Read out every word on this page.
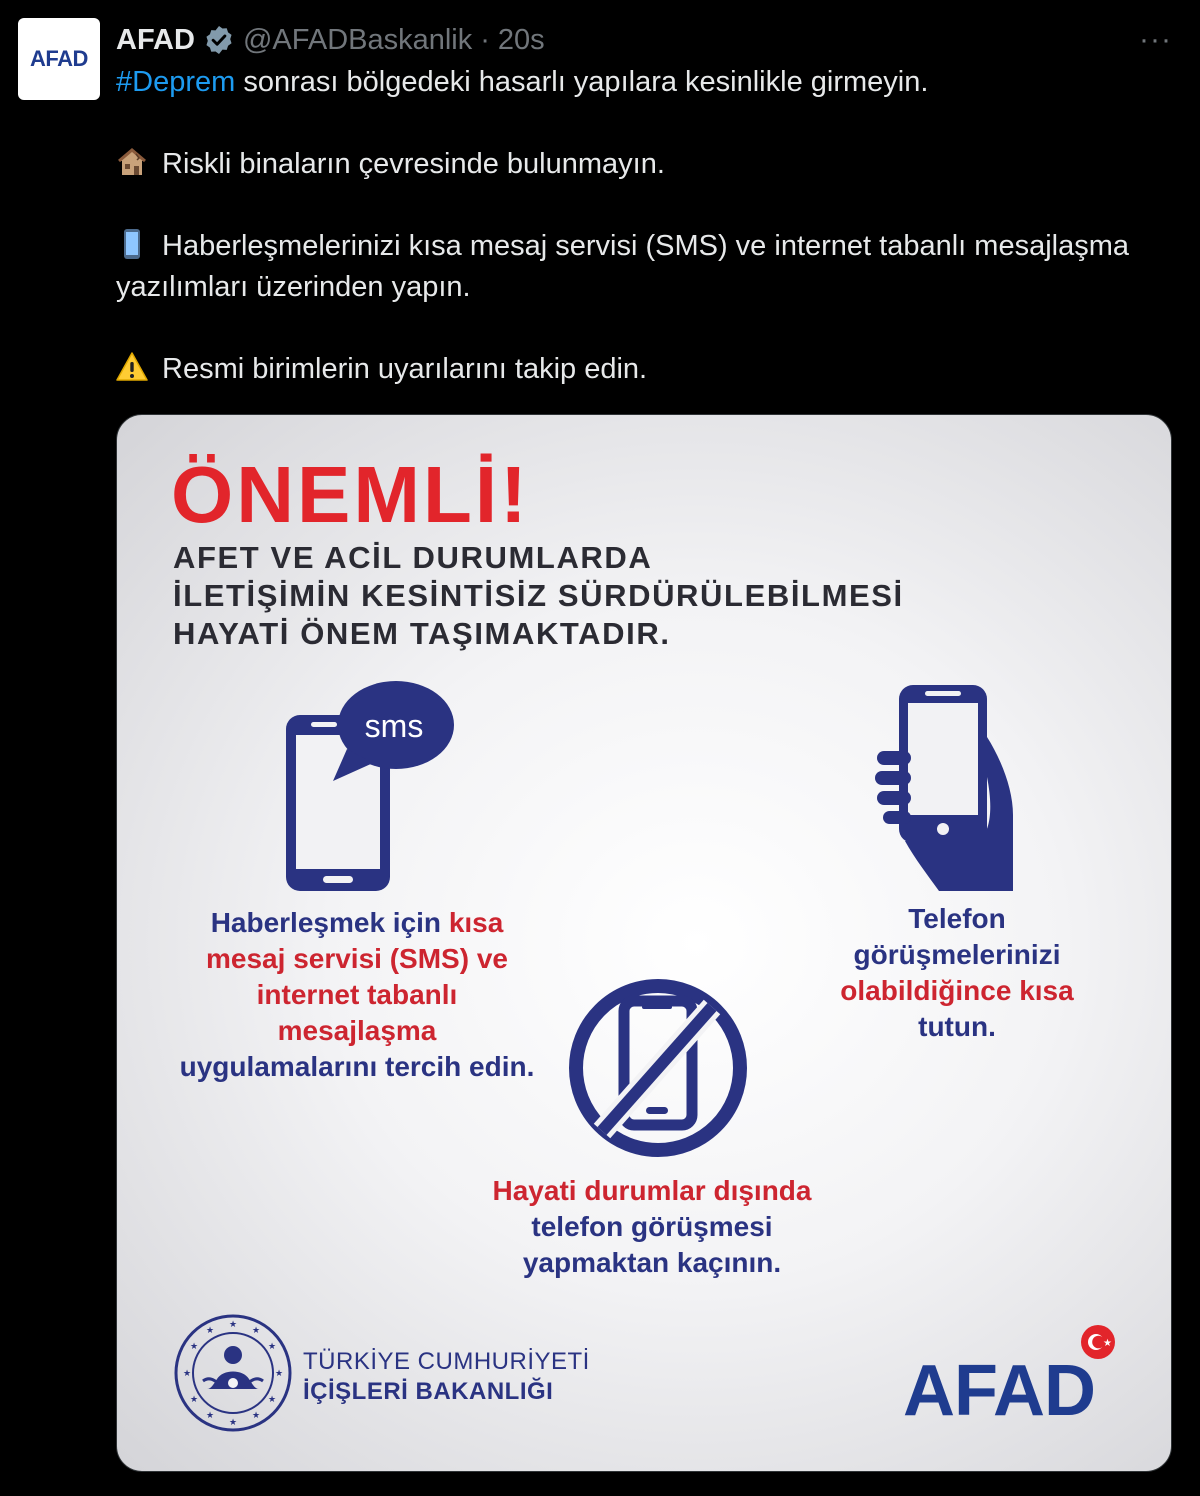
AFAD
AFAD @AFADBaskanlik · 20s	···

#Deprem sonrası bölgedeki hasarlı yapılara kesinlikle girmeyin.

Riskli binaların çevresinde bulunmayın.

Haberleşmelerinizi kısa mesaj servisi (SMS) ve internet tabanlı mesajlaşma yazılımları üzerinden yapın.

Resmi birimlerin uyarılarını takip edin.

ÖNEMLİ!
AFET VE ACİL DURUMLARDA
İLETİŞİMİN KESİNTİSİZ SÜRDÜRÜLEBİLMESİ
HAYATİ ÖNEM TAŞIMAKTADIR.
sms
Haberleşmek için kısa mesaj servisi (SMS) ve internet tabanlı mesajlaşma uygulamalarını tercih edin.
Telefon görüşmelerinizi olabildiğince kısa tutun.
Hayati durumlar dışında telefon görüşmesi yapmaktan kaçının.
★
★
★
★
★
★
★
★
★
★
★
★
TÜRKİYE CUMHURİYETİ
İÇİŞLERİ BAKANLIĞI
★
AFAD
